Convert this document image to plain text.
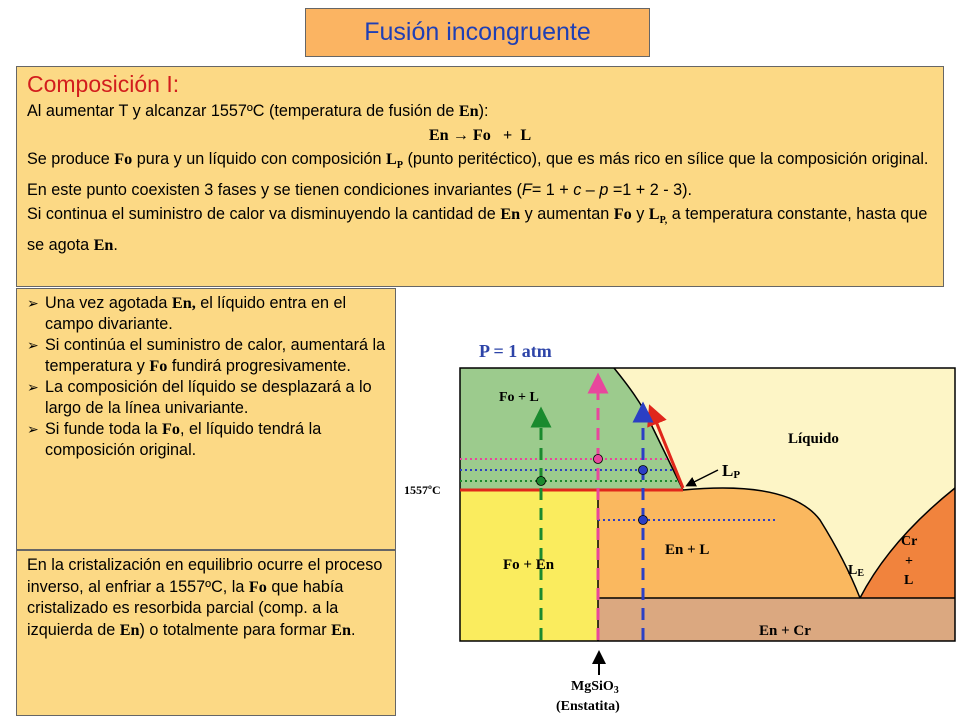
Fusión incongruente
Composición I:

Al aumentar T y alcanzar 1557ºC (temperatura de fusión de En):

En → Fo   +  L

Se produce Fo pura y un líquido con composición $L_P$ (punto peritéctico), que es más rico en sílice que la composición original. En este punto coexisten 3 fases y se tienen condiciones invariantes (F= 1 + c – p =1 + 2 - 3).

Si continua el suministro de calor va disminuyendo la cantidad de En y aumentan Fo y $L_{P,}$ a temperatura constante, hasta que se agota En.

➢ Una vez agotada En, el líquido entra en el campo divariante.
➢ Si continúa el suministro de calor, aumentará la temperatura y Fo fundirá progresivamente.
➢ La composición del líquido se desplazará a lo largo de la línea univariante.
➢ Si funde toda la Fo, el líquido tendrá la composición original.
En la cristalización en equilibrio ocurre el proceso inverso, al enfriar a 1557ºC, la Fo que había cristalizado es resorbida parcial (comp. a la izquierda de En) o totalmente para formar En.
P = 1 atm
Fo + L
Líquido
LP
1557ºC
Fo + En
En + L
LE
Cr
+
L
En + Cr
MgSiO$_3$
(Enstatita)
